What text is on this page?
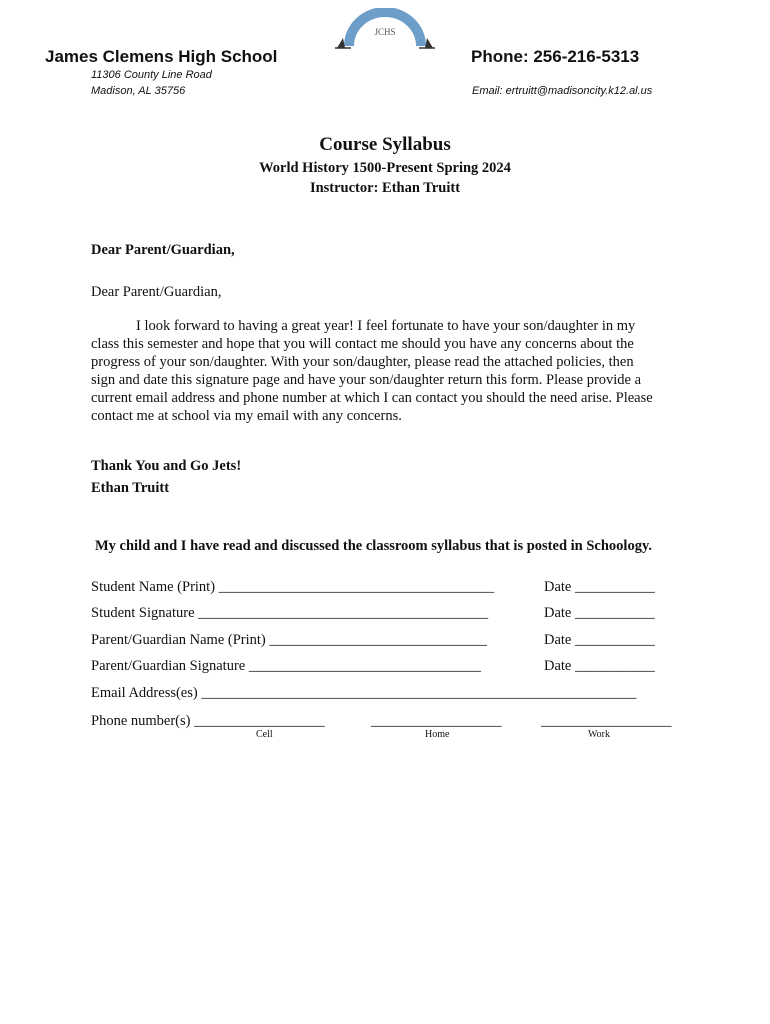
JCHS
James Clemens High School	Phone: 256-216-5313
11306 County Line Road
Madison, AL 35756	Email: ertruitt@madisoncity.k12.al.us
Course Syllabus
World History 1500-Present Spring 2024
Instructor: Ethan Truitt
Dear Parent/Guardian,
Dear Parent/Guardian,
I look forward to having a great year! I feel fortunate to have your son/daughter in my
class this semester and hope that you will contact me should you have any concerns about the
progress of your son/daughter. With your son/daughter, please read the attached policies, then
sign and date this signature page and have your son/daughter return this form. Please provide a
current email address and phone number at which I can contact you should the need arise. Please
contact me at school via my email with any concerns.
Thank You and Go Jets!
Ethan Truitt
My child and I have read and discussed the classroom syllabus that is posted in Schoology.
Student Name (Print) ______________________________________	Date ___________
Student Signature ________________________________________	Date ___________
Parent/Guardian Name (Print) ______________________________	Date ___________
Parent/Guardian Signature ________________________________	Date ___________
Email Address(es) ____________________________________________________________
Phone number(s) __________________	__________________	__________________
Cell	Home	Work
